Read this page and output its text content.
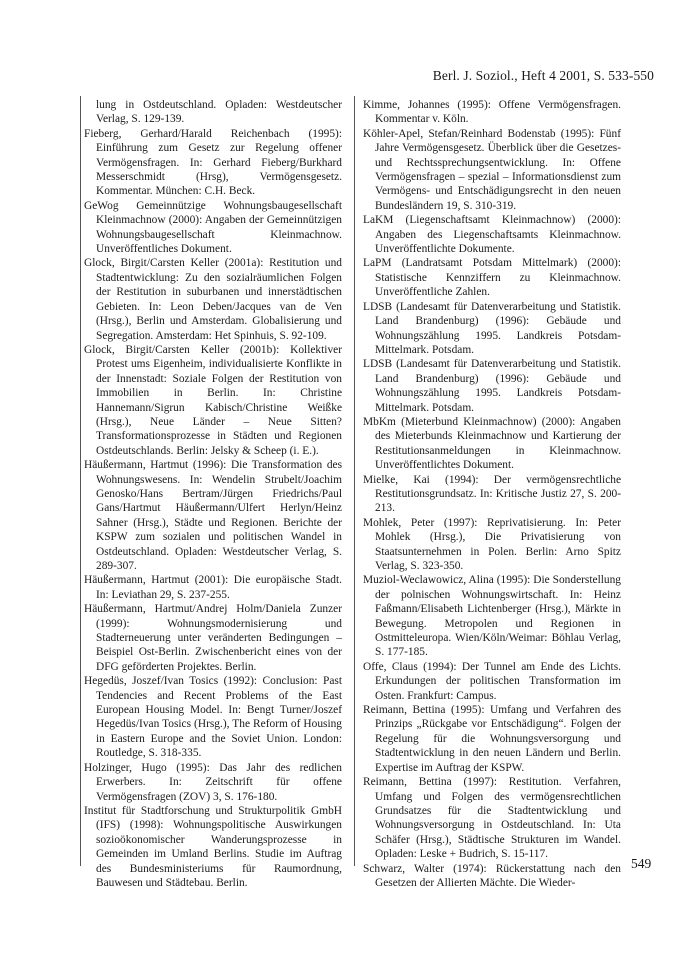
Berl. J. Soziol., Heft 4 2001, S. 533-550

lung in Ostdeutschland. Opladen: Westdeutscher Verlag, S. 129-139.

Fieberg, Gerhard/Harald Reichenbach (1995): Einführung zum Gesetz zur Regelung offener Vermögensfragen. In: Gerhard Fieberg/Burkhard Messerschmidt (Hrsg), Vermögensgesetz. Kommentar. München: C.H. Beck.

GeWog Gemeinnützige Wohnungsbaugesellschaft Kleinmachnow (2000): Angaben der Gemeinnützigen Wohnungsbaugesellschaft Kleinmachnow. Unveröffentliches Dokument.

Glock, Birgit/Carsten Keller (2001a): Restitution und Stadtentwicklung: Zu den sozialräumlichen Folgen der Restitution in suburbanen und innerstädtischen Gebieten. In: Leon Deben/Jacques van de Ven (Hrsg.), Berlin und Amsterdam. Globalisierung und Segregation. Amsterdam: Het Spinhuis, S. 92-109.

Glock, Birgit/Carsten Keller (2001b): Kollektiver Protest ums Eigenheim, individualisierte Konflikte in der Innenstadt: Soziale Folgen der Restitution von Immobilien in Berlin. In: Christine Hannemann/Sigrun Kabisch/Christine Weißke (Hrsg.), Neue Länder – Neue Sitten? Transformationsprozesse in Städten und Regionen Ostdeutschlands. Berlin: Jelsky & Scheep (i. E.).

Häußermann, Hartmut (1996): Die Transformation des Wohnungswesens. In: Wendelin Strubelt/Joachim Genosko/Hans Bertram/Jürgen Friedrichs/Paul Gans/Hartmut Häußermann/Ulfert Herlyn/Heinz Sahner (Hrsg.), Städte und Regionen. Berichte der KSPW zum sozialen und politischen Wandel in Ostdeutschland. Opladen: Westdeutscher Verlag, S. 289-307.

Häußermann, Hartmut (2001): Die europäische Stadt. In: Leviathan 29, S. 237-255.

Häußermann, Hartmut/Andrej Holm/Daniela Zunzer (1999): Wohnungsmodernisierung und Stadterneuerung unter veränderten Bedingungen – Beispiel Ost-Berlin. Zwischenbericht eines von der DFG geförderten Projektes. Berlin.

Hegedüs, Joszef/Ivan Tosics (1992): Conclusion: Past Tendencies and Recent Problems of the East European Housing Model. In: Bengt Turner/Joszef Hegedüs/Ivan Tosics (Hrsg.), The Reform of Housing in Eastern Europe and the Soviet Union. London: Routledge, S. 318-335.

Holzinger, Hugo (1995): Das Jahr des redlichen Erwerbers. In: Zeitschrift für offene Vermögensfragen (ZOV) 3, S. 176-180.

Institut für Stadtforschung und Strukturpolitik GmbH (IFS) (1998): Wohnungspolitische Auswirkungen sozioökonomischer Wanderungsprozesse in Gemeinden im Umland Berlins. Studie im Auftrag des Bundesministeriums für Raumordnung, Bauwesen und Städtebau. Berlin.

Kimme, Johannes (1995): Offene Vermögensfragen. Kommentar v. Köln.

Köhler-Apel, Stefan/Reinhard Bodenstab (1995): Fünf Jahre Vermögensgesetz. Überblick über die Gesetzes- und Rechtssprechungsentwicklung. In: Offene Vermögensfragen – spezial – Informationsdienst zum Vermögens- und Entschädigungsrecht in den neuen Bundesländern 19, S. 310-319.

LaKM (Liegenschaftsamt Kleinmachnow) (2000): Angaben des Liegenschaftsamts Kleinmachnow. Unveröffentlichte Dokumente.

LaPM (Landratsamt Potsdam Mittelmark) (2000): Statistische Kennziffern zu Kleinmachnow. Unveröffentliche Zahlen.

LDSB (Landesamt für Datenverarbeitung und Statistik. Land Brandenburg) (1996): Gebäude und Wohnungszählung 1995. Landkreis Potsdam-Mittelmark. Potsdam.

LDSB (Landesamt für Datenverarbeitung und Statistik. Land Brandenburg) (1996): Gebäude und Wohnungszählung 1995. Landkreis Potsdam-Mittelmark. Potsdam.

MbKm (Mieterbund Kleinmachnow) (2000): Angaben des Mieterbunds Kleinmachnow und Kartierung der Restitutionsanmeldungen in Kleinmachnow. Unveröffentlichtes Dokument.

Mielke, Kai (1994): Der vermögensrechtliche Restitutionsgrundsatz. In: Kritische Justiz 27, S. 200-213.

Mohlek, Peter (1997): Reprivatisierung. In: Peter Mohlek (Hrsg.), Die Privatisierung von Staatsunternehmen in Polen. Berlin: Arno Spitz Verlag, S. 323-350.

Muziol-Weclawowicz, Alina (1995): Die Sonderstellung der polnischen Wohnungswirtschaft. In: Heinz Faßmann/Elisabeth Lichtenberger (Hrsg.), Märkte in Bewegung. Metropolen und Regionen in Ostmitteleuropa. Wien/Köln/Weimar: Böhlau Verlag, S. 177-185.

Offe, Claus (1994): Der Tunnel am Ende des Lichts. Erkundungen der politischen Transformation im Osten. Frankfurt: Campus.

Reimann, Bettina (1995): Umfang und Verfahren des Prinzips „Rückgabe vor Entschädigung“. Folgen der Regelung für die Wohnungsversorgung und Stadtentwicklung in den neuen Ländern und Berlin. Expertise im Auftrag der KSPW.

Reimann, Bettina (1997): Restitution. Verfahren, Umfang und Folgen des vermögensrechtlichen Grundsatzes für die Stadtentwicklung und Wohnungsversorgung in Ostdeutschland. In: Uta Schäfer (Hrsg.), Städtische Strukturen im Wandel. Opladen: Leske + Budrich, S. 15-117.

Schwarz, Walter (1974): Rückerstattung nach den Gesetzen der Allierten Mächte. Die Wieder-

549
